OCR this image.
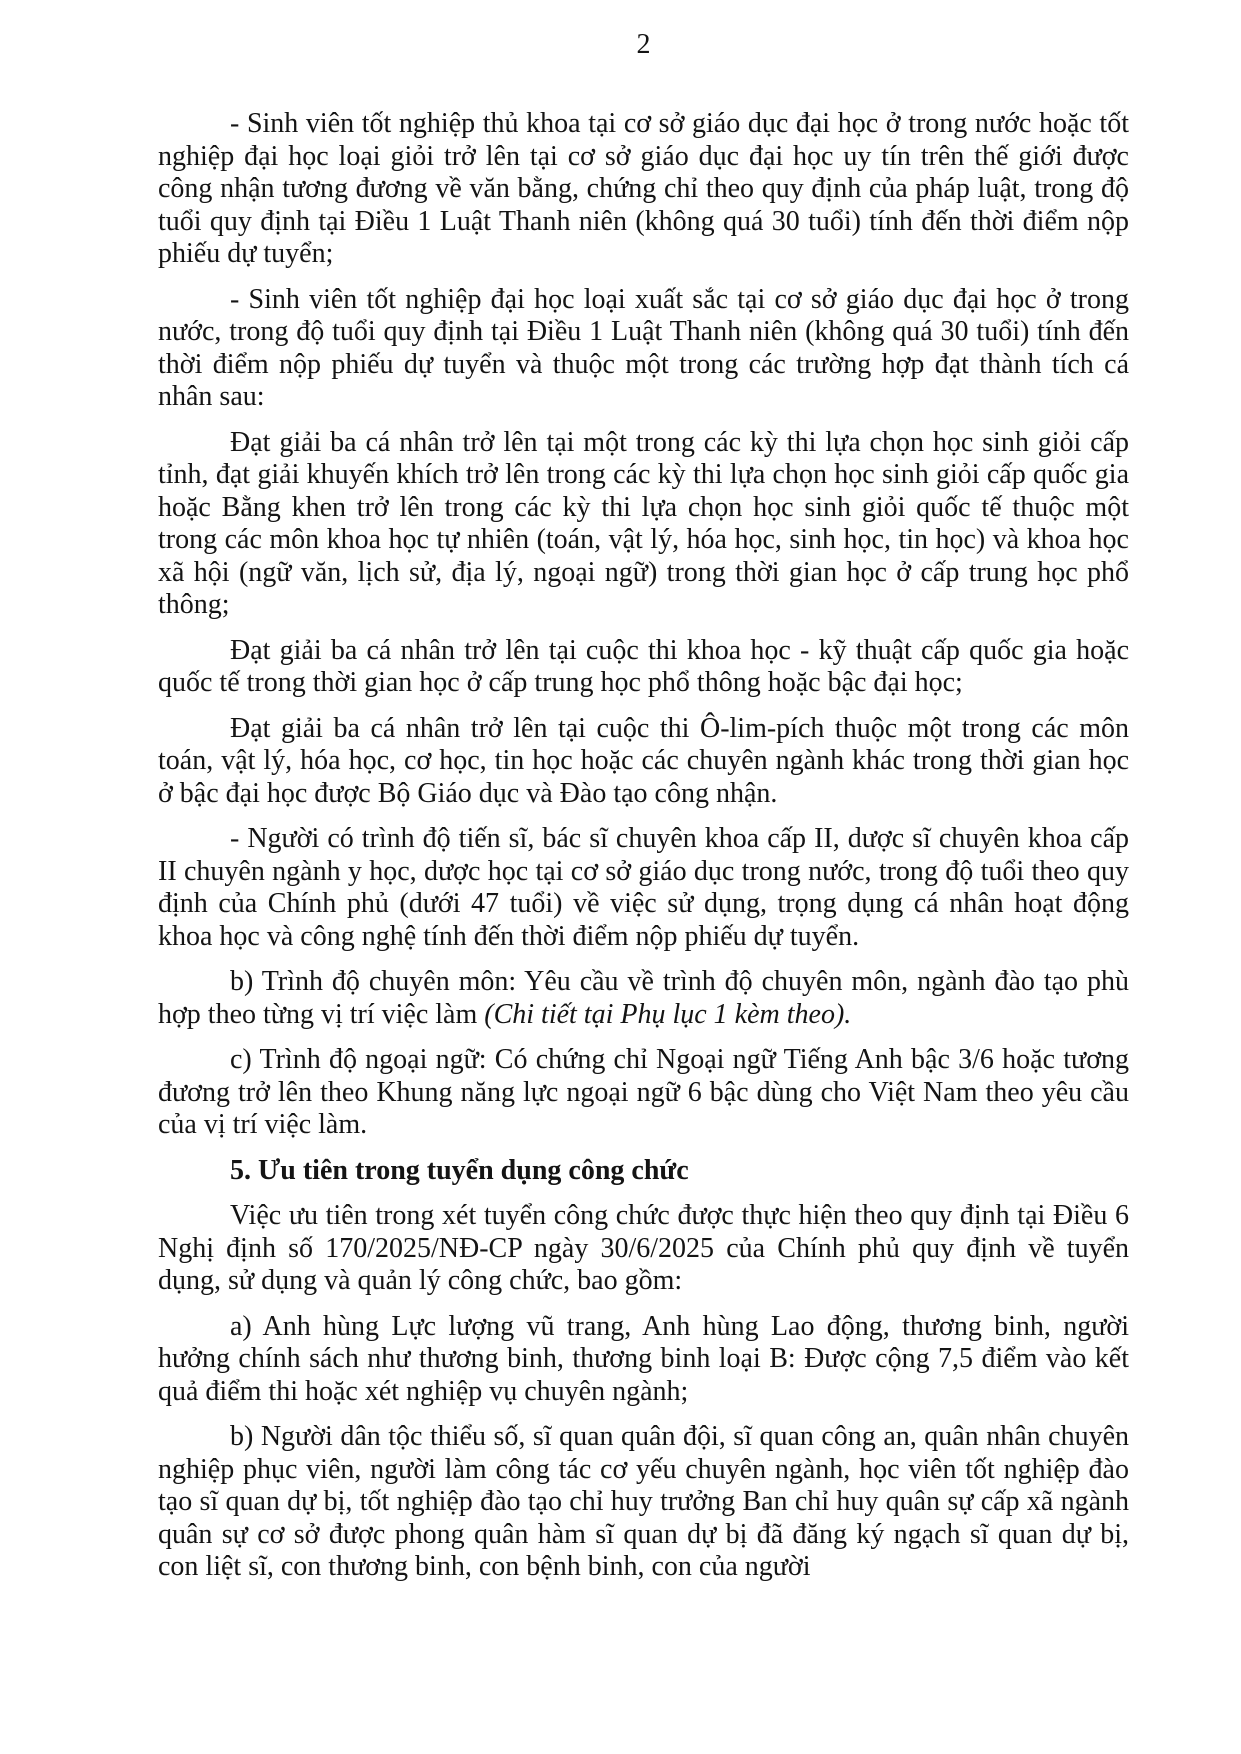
2

- Sinh viên tốt nghiệp thủ khoa tại cơ sở giáo dục đại học ở trong nước hoặc tốt nghiệp đại học loại giỏi trở lên tại cơ sở giáo dục đại học uy tín trên thế giới được công nhận tương đương về văn bằng, chứng chỉ theo quy định của pháp luật, trong độ tuổi quy định tại Điều 1 Luật Thanh niên (không quá 30 tuổi) tính đến thời điểm nộp phiếu dự tuyển;

- Sinh viên tốt nghiệp đại học loại xuất sắc tại cơ sở giáo dục đại học ở trong nước, trong độ tuổi quy định tại Điều 1 Luật Thanh niên (không quá 30 tuổi) tính đến thời điểm nộp phiếu dự tuyển và thuộc một trong các trường hợp đạt thành tích cá nhân sau:

Đạt giải ba cá nhân trở lên tại một trong các kỳ thi lựa chọn học sinh giỏi cấp tỉnh, đạt giải khuyến khích trở lên trong các kỳ thi lựa chọn học sinh giỏi cấp quốc gia hoặc Bằng khen trở lên trong các kỳ thi lựa chọn học sinh giỏi quốc tế thuộc một trong các môn khoa học tự nhiên (toán, vật lý, hóa học, sinh học, tin học) và khoa học xã hội (ngữ văn, lịch sử, địa lý, ngoại ngữ) trong thời gian học ở cấp trung học phổ thông;

Đạt giải ba cá nhân trở lên tại cuộc thi khoa học - kỹ thuật cấp quốc gia hoặc quốc tế trong thời gian học ở cấp trung học phổ thông hoặc bậc đại học;

Đạt giải ba cá nhân trở lên tại cuộc thi Ô-lim-pích thuộc một trong các môn toán, vật lý, hóa học, cơ học, tin học hoặc các chuyên ngành khác trong thời gian học ở bậc đại học được Bộ Giáo dục và Đào tạo công nhận.

- Người có trình độ tiến sĩ, bác sĩ chuyên khoa cấp II, dược sĩ chuyên khoa cấp II chuyên ngành y học, dược học tại cơ sở giáo dục trong nước, trong độ tuổi theo quy định của Chính phủ (dưới 47 tuổi) về việc sử dụng, trọng dụng cá nhân hoạt động khoa học và công nghệ tính đến thời điểm nộp phiếu dự tuyển.

b) Trình độ chuyên môn: Yêu cầu về trình độ chuyên môn, ngành đào tạo phù hợp theo từng vị trí việc làm (Chi tiết tại Phụ lục 1 kèm theo).

c) Trình độ ngoại ngữ: Có chứng chỉ Ngoại ngữ Tiếng Anh bậc 3/6 hoặc tương đương trở lên theo Khung năng lực ngoại ngữ 6 bậc dùng cho Việt Nam theo yêu cầu của vị trí việc làm.

5. Ưu tiên trong tuyển dụng công chức

Việc ưu tiên trong xét tuyển công chức được thực hiện theo quy định tại Điều 6 Nghị định số 170/2025/NĐ-CP ngày 30/6/2025 của Chính phủ quy định về tuyển dụng, sử dụng và quản lý công chức, bao gồm:

a) Anh hùng Lực lượng vũ trang, Anh hùng Lao động, thương binh, người hưởng chính sách như thương binh, thương binh loại B: Được cộng 7,5 điểm vào kết quả điểm thi hoặc xét nghiệp vụ chuyên ngành;

b) Người dân tộc thiểu số, sĩ quan quân đội, sĩ quan công an, quân nhân chuyên nghiệp phục viên, người làm công tác cơ yếu chuyên ngành, học viên tốt nghiệp đào tạo sĩ quan dự bị, tốt nghiệp đào tạo chỉ huy trưởng Ban chỉ huy quân sự cấp xã ngành quân sự cơ sở được phong quân hàm sĩ quan dự bị đã đăng ký ngạch sĩ quan dự bị, con liệt sĩ, con thương binh, con bệnh binh, con của người
